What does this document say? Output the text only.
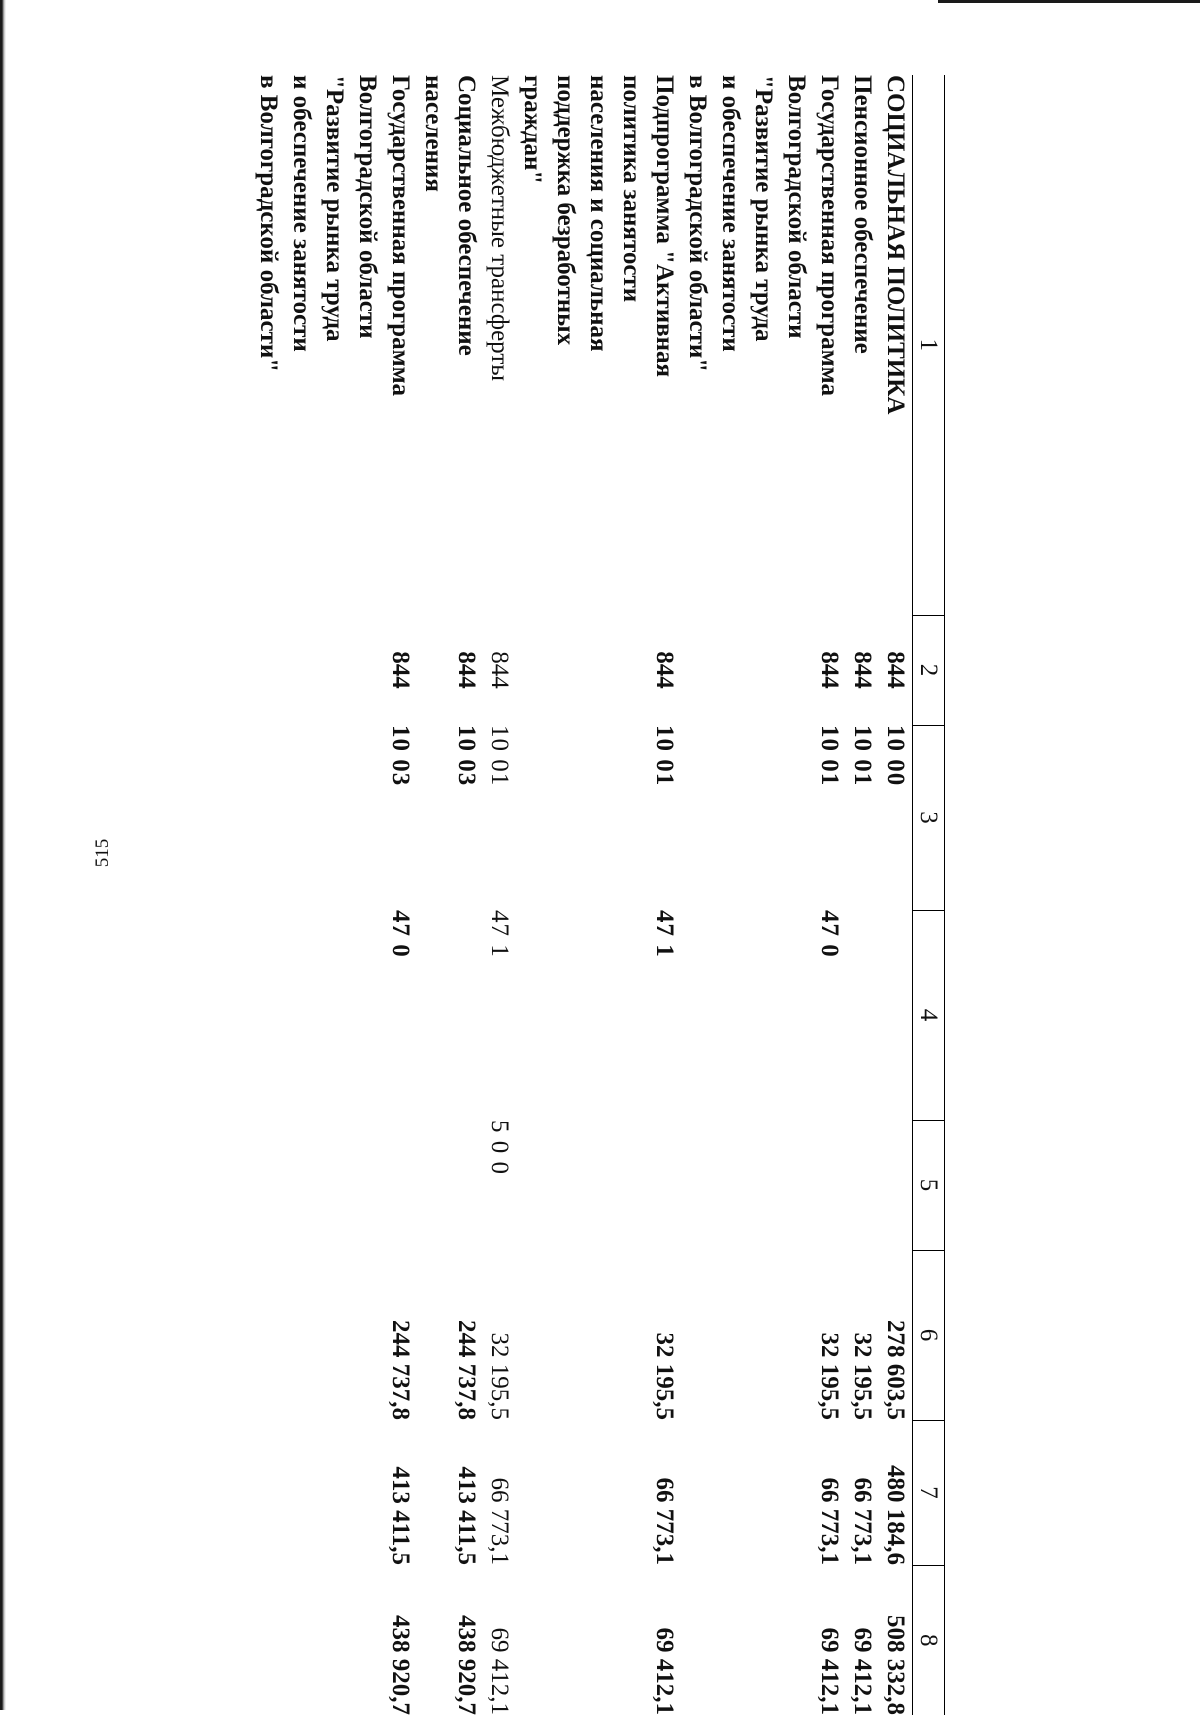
515
1	2	3	4	5	6	7	8

СОЦИАЛЬНАЯ ПОЛИТИКА	844	10 00			278 603,5	480 184,6	508 332,8

Пенсионное обеспечение	844	10 01			32 195,5	66 773,1	69 412,1

Государственная программа
Волгоградской области
"Развитие рынка труда
и обеспечение занятости
в Волгоградской области"	844	10 01	47 0		32 195,5	66 773,1	69 412,1

Подпрограмма "Активная
политика занятости
населения и социальная
поддержка безработных
граждан"	844	10 01	47 1		32 195,5	66 773,1	69 412,1

Межбюджетные трансферты	844	10 01	47 1	5 0 0	32 195,5	66 773,1	69 412,1

Социальное обеспечение
населения	844	10 03			244 737,8	413 411,5	438 920,7

Государственная программа
Волгоградской области
"Развитие рынка труда
и обеспечение занятости
в Волгоградской области"	844	10 03	47 0		244 737,8	413 411,5	438 920,7
